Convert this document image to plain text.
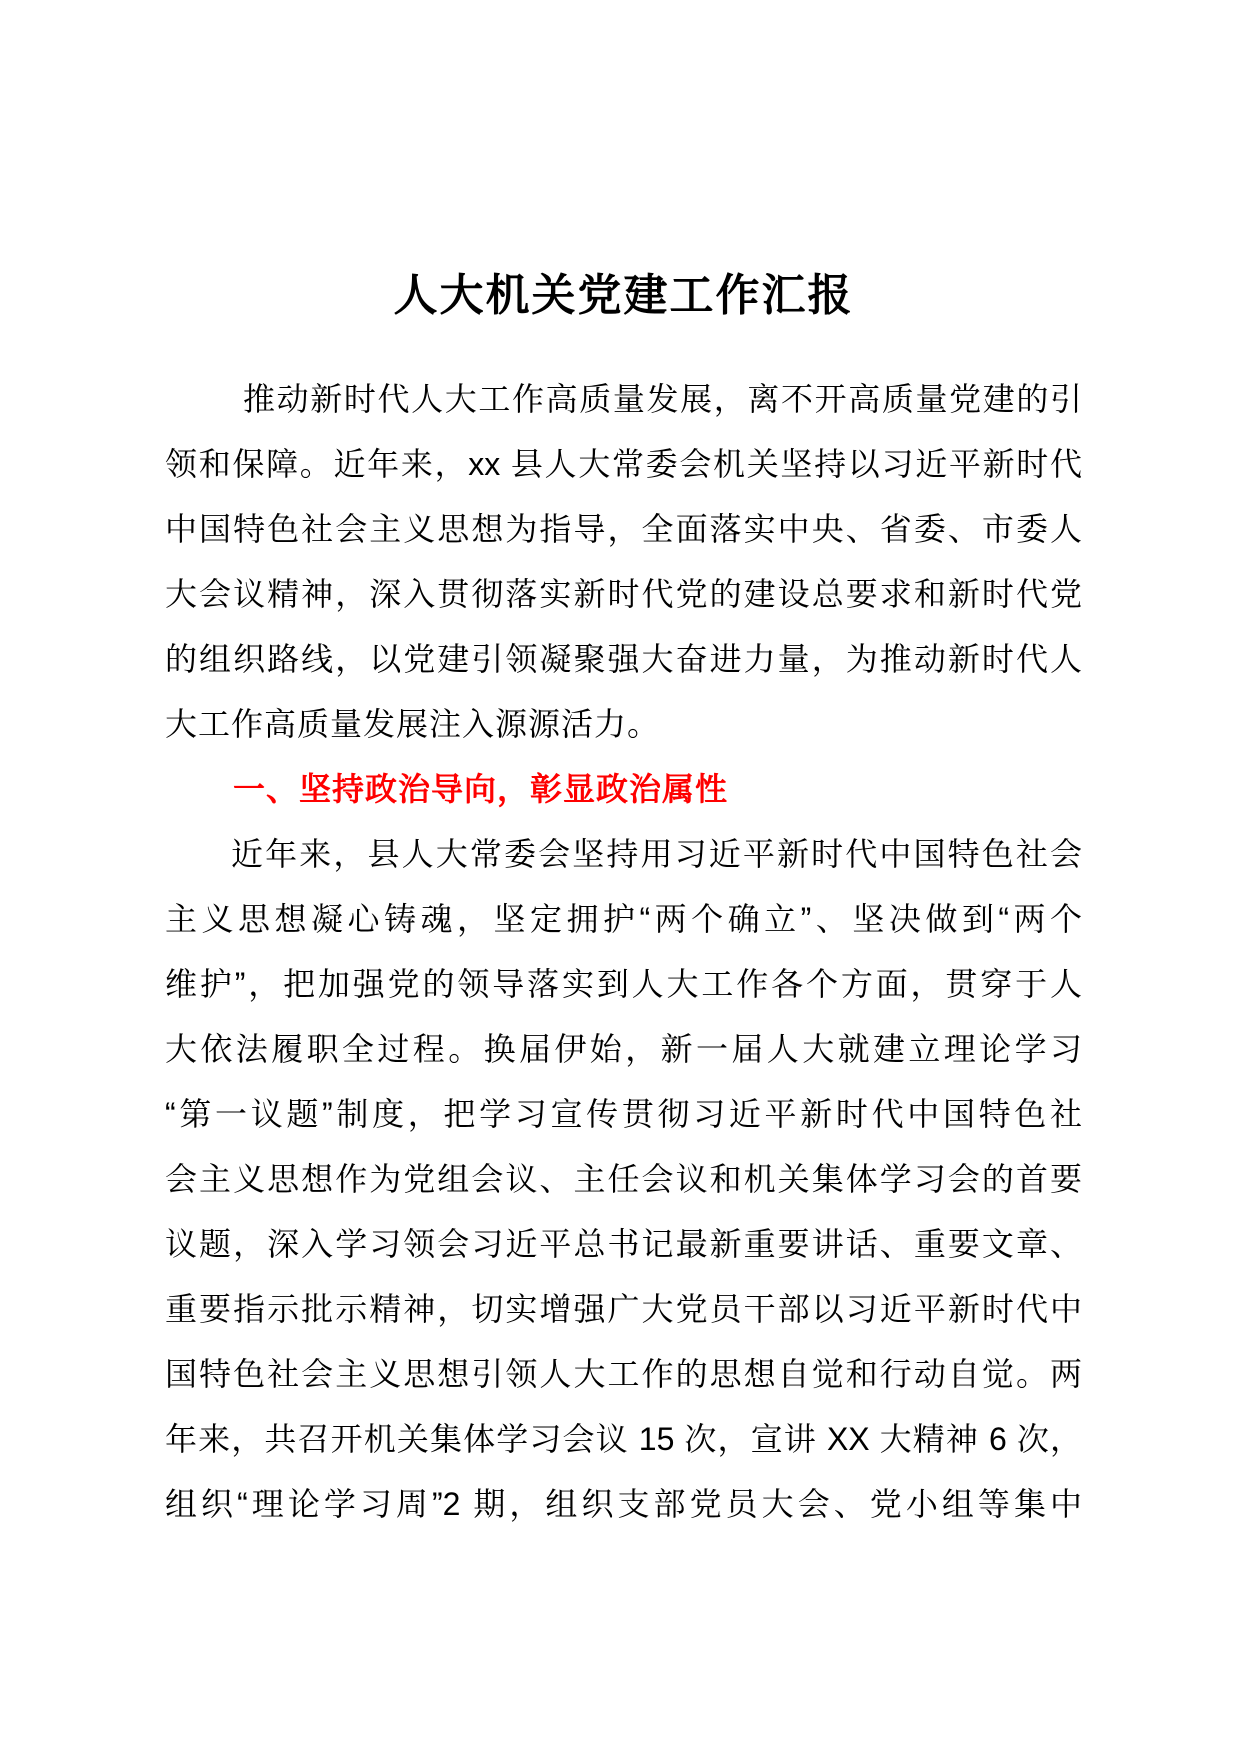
人大机关党建工作汇报
推动新时代人大工作高质量发展，离不开高质量党建的引
领和保障。近年来，xx 县人大常委会机关坚持以习近平新时代
中国特色社会主义思想为指导，全面落实中央、省委、市委人
大会议精神，深入贯彻落实新时代党的建设总要求和新时代党
的组织路线，以党建引领凝聚强大奋进力量，为推动新时代人
大工作高质量发展注入源源活力。
一、坚持政治导向，彰显政治属性
近年来，县人大常委会坚持用习近平新时代中国特色社会
主义思想凝心铸魂，坚定拥护“两个确立”、坚决做到“两个
维护”，把加强党的领导落实到人大工作各个方面，贯穿于人
大依法履职全过程。换届伊始，新一届人大就建立理论学习
“第一议题”制度，把学习宣传贯彻习近平新时代中国特色社
会主义思想作为党组会议、主任会议和机关集体学习会的首要
议题，深入学习领会习近平总书记最新重要讲话、重要文章、
重要指示批示精神，切实增强广大党员干部以习近平新时代中
国特色社会主义思想引领人大工作的思想自觉和行动自觉。两
年来，共召开机关集体学习会议 15 次，宣讲 XX 大精神 6 次，
组织“理论学习周”2 期，组织支部党员大会、党小组等集中
